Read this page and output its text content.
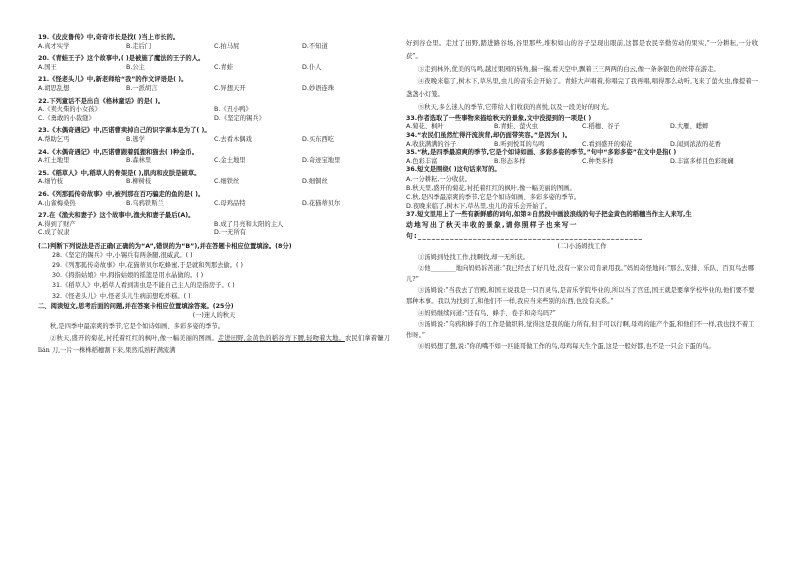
19.《皮皮鲁传》中,奇奇市长是找( )当上市长的。
A.真才实学	B.走后门	C.拍马屁	D.不知道
20.《青蛙王子》这个故事中,( )是被施了魔法的王子的人。
A.国王	B.公主	C.青蛙	D.仆人
21.《怪老头儿》中,新老师给“我”的作文评语是( )。
A.胡思乱想	B.一派胡言	C.异想天开	D.妙语连珠
22.下列童话不是出自《格林童话》的是( )。
A.《卖火柴的小女孩》	B.《丑小鸭》
C.《勇敢的小裁缝》	D.《坚定的锡兵》
23.《木偶奇遇记》中,匹诺曹卖掉自己的识字课本是为了( )。
A.帮助乞丐	B.逃学	C.去看木偶戏	D.买东西吃
24.《木偶奇遇记》中,匹诺曹跟着狐狸和猫去( )种金币。
A.红土地里	B.森林里	C.金土地里	D.奇迹宝地里
25.《稻草人》中,稻草人的骨架是( ),肌肉和皮肤是破草。
A.细竹枝	B.柳树枝	C.细铁丝	D.细铜丝
26.《列那狐传奇故事》中,被列那在百巧骗走的鱼的是( )。
A.山雀梅桑热	B.乌鸦铁斯兰	C.母鸡品特	D.花猫蒂贝尔
27.在《渔夫和妻子》这个故事中,渔夫和妻子最后(A)。
A.得到了财产	B.成了月亮和太阳的主人
C.成了奴隶	D.一无所有
(二)判断下列说法是否正确(正确的为“A”,错误的为“B”),并在答题卡相应位置填涂。(8分)
28.《坚定的锡兵》中,小锡兵有两条腿,很威武。( )
29.《列那狐传奇故事》中,花猫蒂贝尔吃蜂蜜,于是就和列那去偷。( )
30.《拇指姑娘》中,拇指姑娘的摇篮是用水晶做的。( )
31.《稻草人》中,稻草人看到害虫是不能自己主人的是指房子。( )
32.《怪老头儿》中,怪老头儿生病前想吃炸糕。( )
二、阅读短文,思考后面的问题,并在答案卡相应位置填涂答案。(25分)
(一)迷人的秋天
秋,是四季中最凉爽的季节,它是个如诗如画、多彩多姿的季节。
②秋天,盛开的菊花,衬托着红红的枫叶,像一幅美丽的图画。走进田野,金黄色的稻谷弯下腰,轻吻着大地。农民们拿着镰刀 lián 刀,一片一株株稻穗割下来,果然瓜熟籽满流满
好到谷仓里。走过了田野,踏进路谷场,谷里那些,堆积如山的谷子呈现出眼前,这都是农民辛勤劳动的果实,“一分耕耘,一分收获”。
③走到林外,优美的鸟鸣,越过果园的转角,揣一揣,看天空中,飘着三三两两的白云,像一条条银色的丝带在游走。
④夜晚来临了,树木下,草丛里,虫儿的音乐会开始了。青蛙大声唱着,你唱完了我再唱,唱得那么动听,飞来了萤火虫,像提着一盏盏小灯笼。
⑤秋天,多么迷人的季节,它带给人们收获的喜悦,以及一段美好的时光。
33.作者选取了一些事物来描绘秋天的景象,文中没提到的一项是( )
A.菊花、枫叶	B.青蛙、萤火虫	C.稻穗、谷子	D.大雁、蟋蟀
34.“农民们虽然忙得汗流浃背,却仍面带笑容。”是因为( )。
A.收获满满的谷子	B.听到悦耳的鸟鸣	C.看到盛开的菊花	D.闻到浓浓的花香
35.“秋,是四季最凉爽的季节,它是个如诗如画、多彩多姿的季节。”句中“多彩多姿”在文中是指( )
A.色彩丰富	B.形态多样	C.种类多样	D.丰富多样且色彩斑斓
36.短文是围绕( )这句话来写的。
A.一分耕耘,一分收获。
B.秋天里,盛开的菊花,衬托着红红的枫叶,像一幅美丽的图画。
C.秋,是四季最凉爽的季节,它是个如诗如画、多彩多姿的季节。
D.夜晚来临了,树木下,草丛里,虫儿的音乐会开始了。
37.短文里用上了一些有新鲜感的词句,如第②自然段中画波浪线的句子把金黄色的稻穗当作主人来写,生
动地写出了秋天丰收的景象,请你照样子也来写一
句:_________________________________________________
(二)小汤姆找工作
①汤姆到处找工作,找啊找,却一无所获。
②他________地向妈妈诉苦道:“我已经去了好几处,没有一家公司肯录用我。”妈妈奇怪地问:“那么,安排、乐队、百页鸟去哪儿?”
③汤姆说:“当我去了宫殿,和国王说我是一只百灵鸟,是音乐学院毕业的,所以当了宫廷,国王就是要拿学校毕业的,他们要不要那种本事。我以为找到了,和他们不一样,我应当来些别的东西,也没有关系。”
④妈妈继续问道:“还有鸟、蜂手、卷手和奇鸟吗?”
⑤汤姆说:“乌鸦和蜂手的工作是做织料,觉得这是我的能力所有,但手可以行啊,母鸡的能产个蛋,和他们不一样,我也找不着工作呀。”
⑥妈妈想了想,说:“你的嘴不如一匹能哥做工作的鸟,母鸡每天生个蛋,这是一般好都,也不是一只会下蛋的鸟。
